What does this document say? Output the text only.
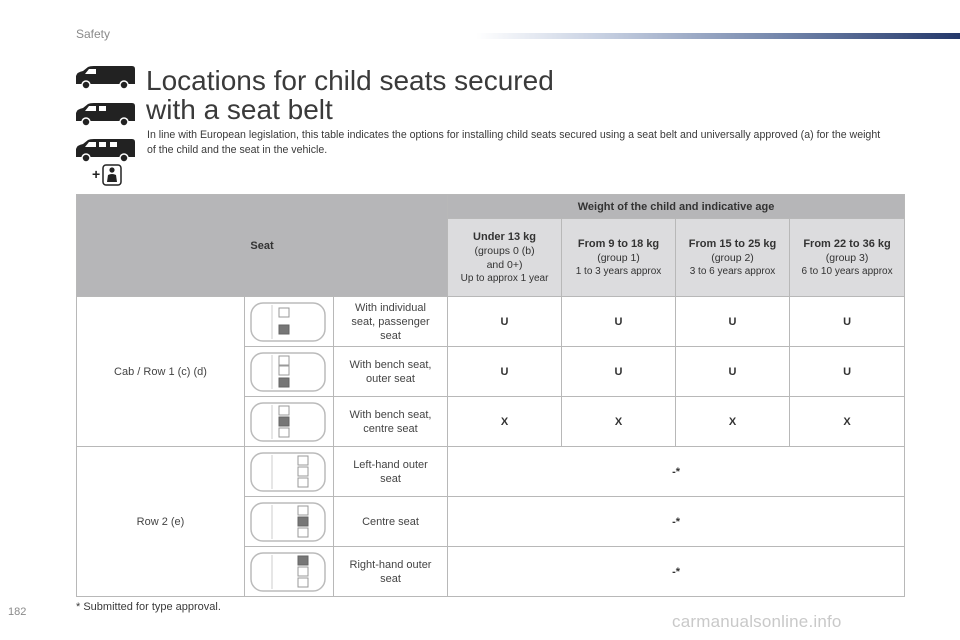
Safety
+
Locations for child seats secured
with a seat belt

In line with European legislation, this table indicates the options for installing child seats secured using a seat belt and universally approved (a) for the weight of the child and the seat in the vehicle.

Seat			Weight of the child and indicative age			

			Under 13 kg
(groups 0 (b) and 0+)
Up to approx 1 year	From 9 to 18 kg
(group 1)
1 to 3 years approx	From 15 to 25 kg
(group 2)
3 to 6 years approx	From 22 to 36 kg
(group 3)
6 to 10 years approx

Cab / Row 1 (c) (d)		With individual seat, passenger seat	U	U	U	U

	With bench seat, outer seat	U	U	U	U

	With bench seat, centre seat	X	X	X	X
Row 2 (e)		Left-hand outer seat	-*			

	Centre seat	-*			

	Right-hand outer seat	-*			
* Submitted for type approval.
182	carmanualsonline.info
